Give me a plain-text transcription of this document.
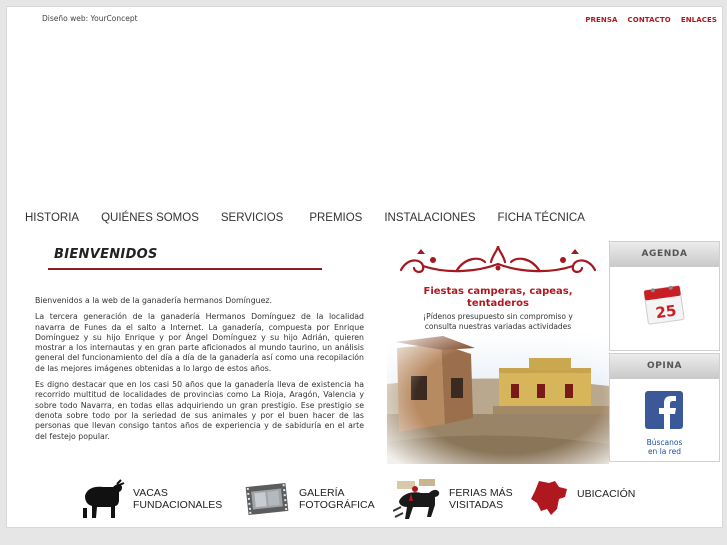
Diseño web: YourConcept	PRENSA CONTACTO ENLACES
HISTORIA QUIÉNES SOMOS SERVICIOS PREMIOS INSTALACIONES FICHA TÉCNICA
BIENVENIDOS

Bienvenidos a la web de la ganadería hermanos Domínguez.

La tercera generación de la ganadería Hermanos Domínguez de la localidad navarra de Funes da el salto a Internet. La ganadería, compuesta por Enrique Domínguez y su hijo Enrique y por Ángel Domínguez y su hijo Adrián, quieren mostrar a los internautas y en gran parte aficionados al mundo taurino, un análisis general del funcionamiento del día a día de la ganadería así como una recopilación de las mejores imágenes obtenidas a lo largo de estos años.

Es digno destacar que en los casi 50 años que la ganadería lleva de existencia ha recorrido multitud de localidades de provincias como La Rioja, Aragón, Valencia y sobre todo Navarra, en todas ellas adquiriendo un gran prestigio. Ese prestigio se denota sobre todo por la seriedad de sus animales y por el buen hacer de las personas que llevan consigo tantos años de experiencia y de sabiduría en el arte del festejo popular.

Fiestas camperas, capeas,
tentaderos
¡Pídenos presupuesto sin compromiso y
consulta nuestras variadas actividades

AGENDA
25
OPINA
Búscanos
en la red
VACAS
FUNDACIONALES
GALERÍA
FOTOGRÁFICA
FERIAS MÁS
VISITADAS
UBICACIÓN
